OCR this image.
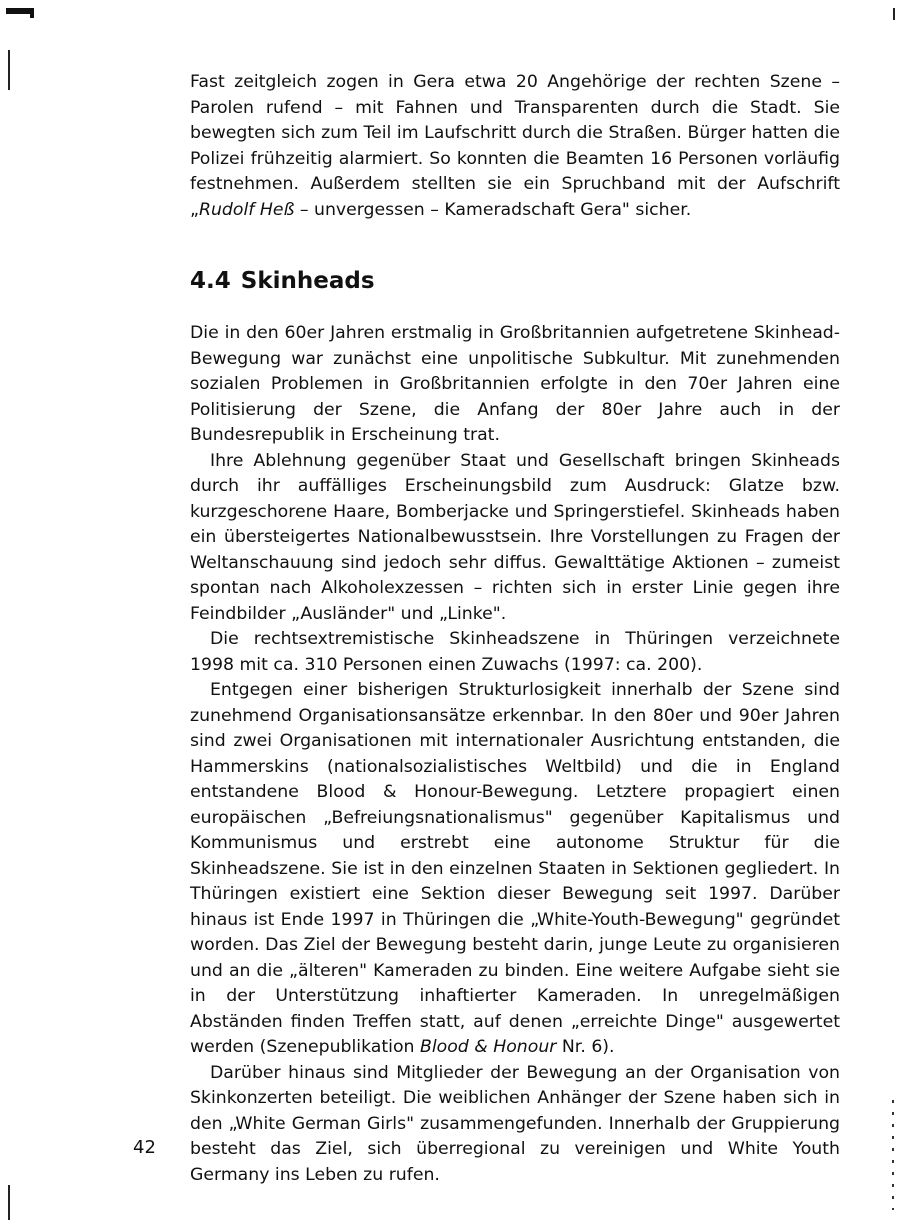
Fast zeitgleich zogen in Gera etwa 20 Angehörige der rechten Szene – Parolen rufend – mit Fahnen und Transparenten durch die Stadt. Sie bewegten sich zum Teil im Laufschritt durch die Straßen. Bürger hatten die Polizei frühzeitig alarmiert. So konnten die Beamten 16 Personen vorläufig festnehmen. Außerdem stellten sie ein Spruchband mit der Aufschrift „Rudolf Heß – unvergessen – Kameradschaft Gera" sicher.

4.4 Skinheads

Die in den 60er Jahren erstmalig in Großbritannien aufgetretene Skinhead-Bewegung war zunächst eine unpolitische Subkultur. Mit zunehmenden sozialen Problemen in Großbritannien erfolgte in den 70er Jahren eine Politisierung der Szene, die Anfang der 80er Jahre auch in der Bundesrepublik in Erscheinung trat.

Ihre Ablehnung gegenüber Staat und Gesellschaft bringen Skinheads durch ihr auffälliges Erscheinungsbild zum Ausdruck: Glatze bzw. kurzgeschorene Haare, Bomberjacke und Springerstiefel. Skinheads haben ein übersteigertes Nationalbewusstsein. Ihre Vorstellungen zu Fragen der Weltanschauung sind jedoch sehr diffus. Gewalttätige Aktionen – zumeist spontan nach Alkoholexzessen – richten sich in erster Linie gegen ihre Feindbilder „Ausländer" und „Linke".

Die rechtsextremistische Skinheadszene in Thüringen verzeichnete 1998 mit ca. 310 Personen einen Zuwachs (1997: ca. 200).

Entgegen einer bisherigen Strukturlosigkeit innerhalb der Szene sind zunehmend Organisationsansätze erkennbar. In den 80er und 90er Jahren sind zwei Organisationen mit internationaler Ausrichtung entstanden, die Hammerskins (nationalsozialistisches Weltbild) und die in England entstandene Blood & Honour-Bewegung. Letztere propagiert einen europäischen „Befreiungsnationalismus" gegenüber Kapitalismus und Kommunismus und erstrebt eine autonome Struktur für die Skinheadszene. Sie ist in den einzelnen Staaten in Sektionen gegliedert. In Thüringen existiert eine Sektion dieser Bewegung seit 1997. Darüber hinaus ist Ende 1997 in Thüringen die „White-Youth-Bewegung" gegründet worden. Das Ziel der Bewegung besteht darin, junge Leute zu organisieren und an die „älteren" Kameraden zu binden. Eine weitere Aufgabe sieht sie in der Unterstützung inhaftierter Kameraden. In unregelmäßigen Abständen finden Treffen statt, auf denen „erreichte Dinge" ausgewertet werden (Szenepublikation Blood & Honour Nr. 6).

Darüber hinaus sind Mitglieder der Bewegung an der Organisation von Skinkonzerten beteiligt. Die weiblichen Anhänger der Szene haben sich in den „White German Girls" zusammengefunden. Innerhalb der Gruppierung besteht das Ziel, sich überregional zu vereinigen und White Youth Germany ins Leben zu rufen.

42
